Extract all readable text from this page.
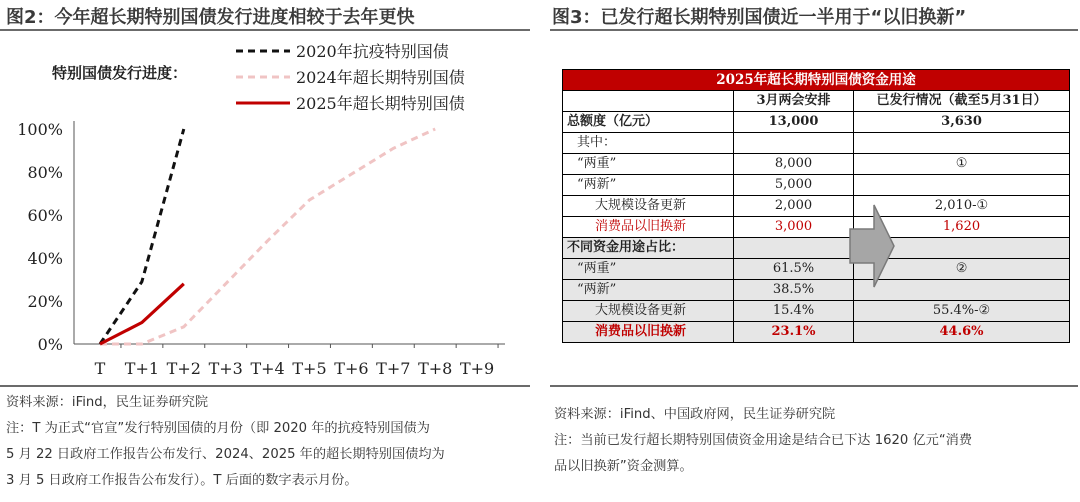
图2：今年超长期特别国债发行进度相较于去年更快
0%
20%
40%
60%
80%
100%
T T+1 T+2 T+3 T+4 T+5 T+6 T+7 T+8 T+9
特别国债发行进度：
2020年抗疫特别国债
2024年超长期特别国债
2025年超长期特别国债
资料来源：iFind，民生证券研究院
注：T 为正式“官宣”发行特别国债的月份（即 2020 年的抗疫特别国债为
5 月 22 日政府工作报告公布发行、2024、2025 年的超长期特别国债均为
3 月 5 日政府工作报告公布发行）。T 后面的数字表示月份。
图3：已发行超长期特别国债近一半用于“以旧换新”
2025年超长期特别国债资金用途		
	3月两会安排	已发行情况（截至5月31日）
总额度（亿元）	13,000	3,630
其中：		
“两重”	8,000	①
“两新”	5,000	
大规模设备更新	2,000	2,010-①
消费品以旧换新	3,000	1,620
不同资金用途占比：		
“两重”	61.5%	②
“两新”	38.5%	
大规模设备更新	15.4%	55.4%-②
消费品以旧换新	23.1%	44.6%
资料来源：iFind、中国政府网，民生证券研究院
注：当前已发行超长期特别国债资金用途是结合已下达 1620 亿元“消费
品以旧换新”资金测算。
